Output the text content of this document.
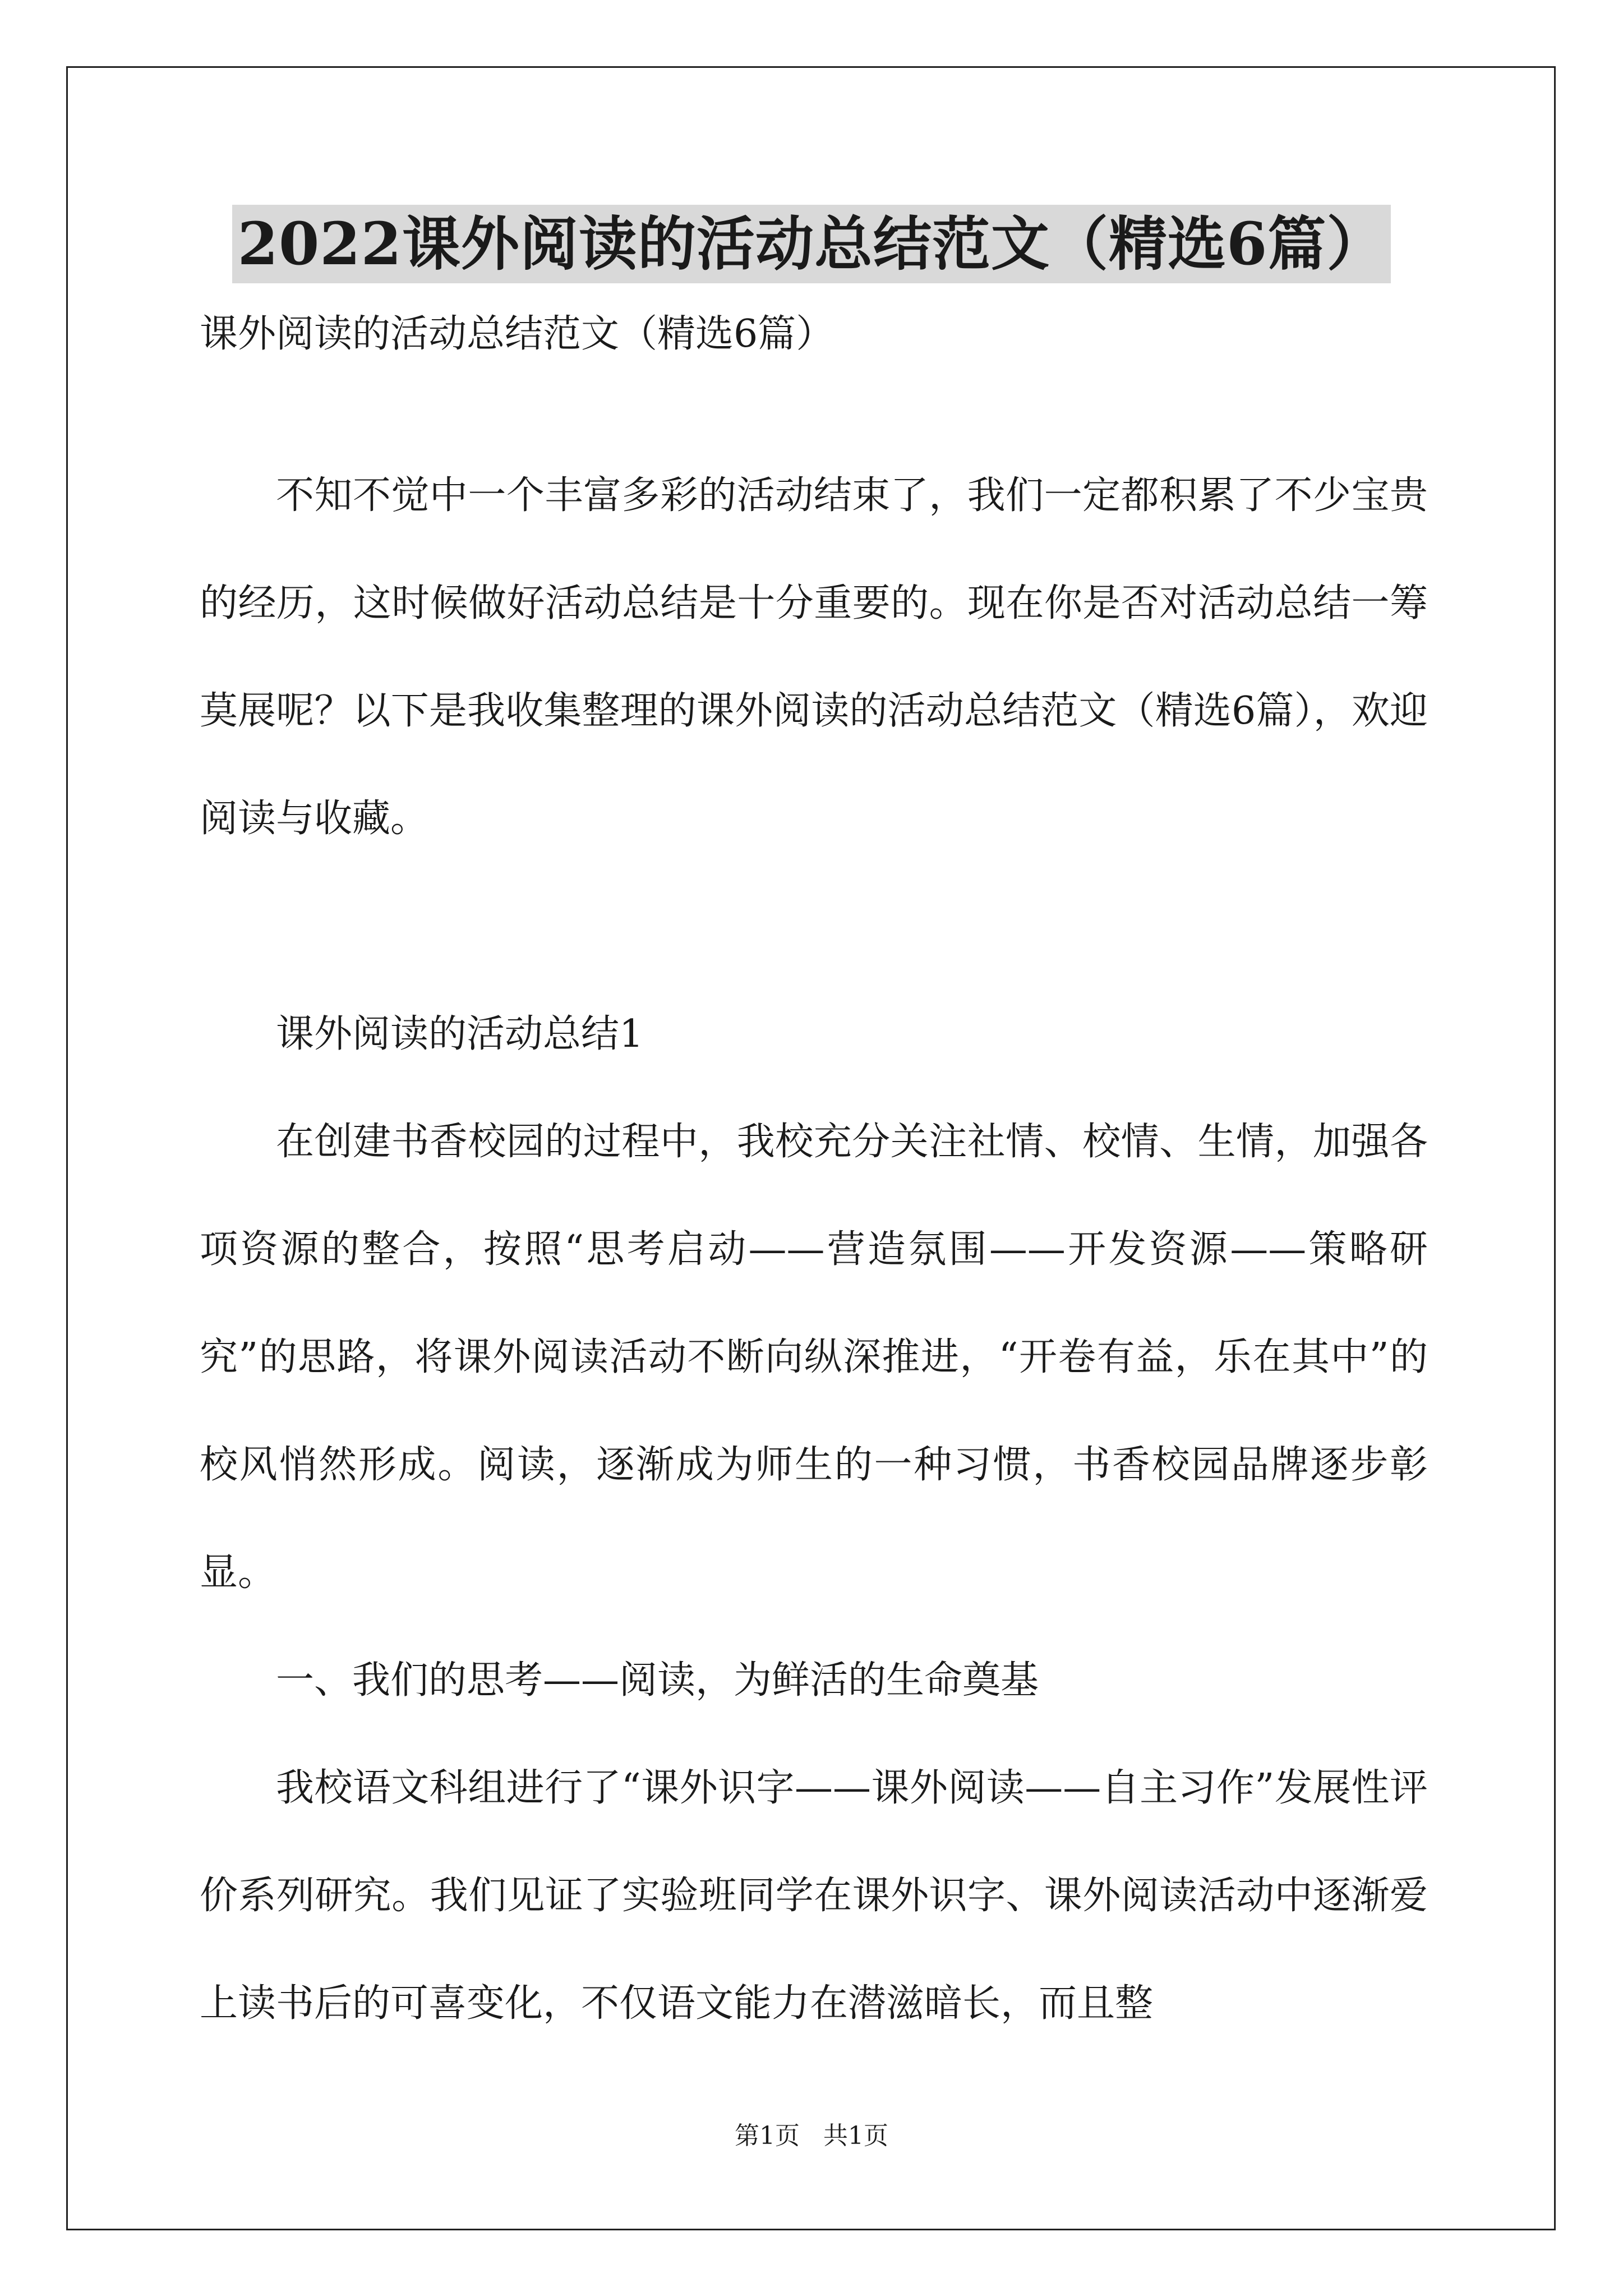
2022课外阅读的活动总结范文（精选6篇）
课外阅读的活动总结范文（精选6篇）

不知不觉中一个丰富多彩的活动结束了，我们一定都积累了不少宝贵的经历，这时候做好活动总结是十分重要的。现在你是否对活动总结一筹莫展呢？以下是我收集整理的课外阅读的活动总结范文（精选6篇），欢迎阅读与收藏。

课外阅读的活动总结1

在创建书香校园的过程中，我校充分关注社情、校情、生情，加强各项资源的整合，按照“思考启动——营造氛围——开发资源——策略研究”的思路，将课外阅读活动不断向纵深推进，“开卷有益，乐在其中”的校风悄然形成。阅读，逐渐成为师生的一种习惯，书香校园品牌逐步彰显。

一、我们的思考——阅读，为鲜活的生命奠基

我校语文科组进行了“课外识字——课外阅读——自主习作”发展性评价系列研究。我们见证了实验班同学在课外识字、课外阅读活动中逐渐爱上读书后的可喜变化，不仅语文能力在潜滋暗长，而且整

第1页 共1页
